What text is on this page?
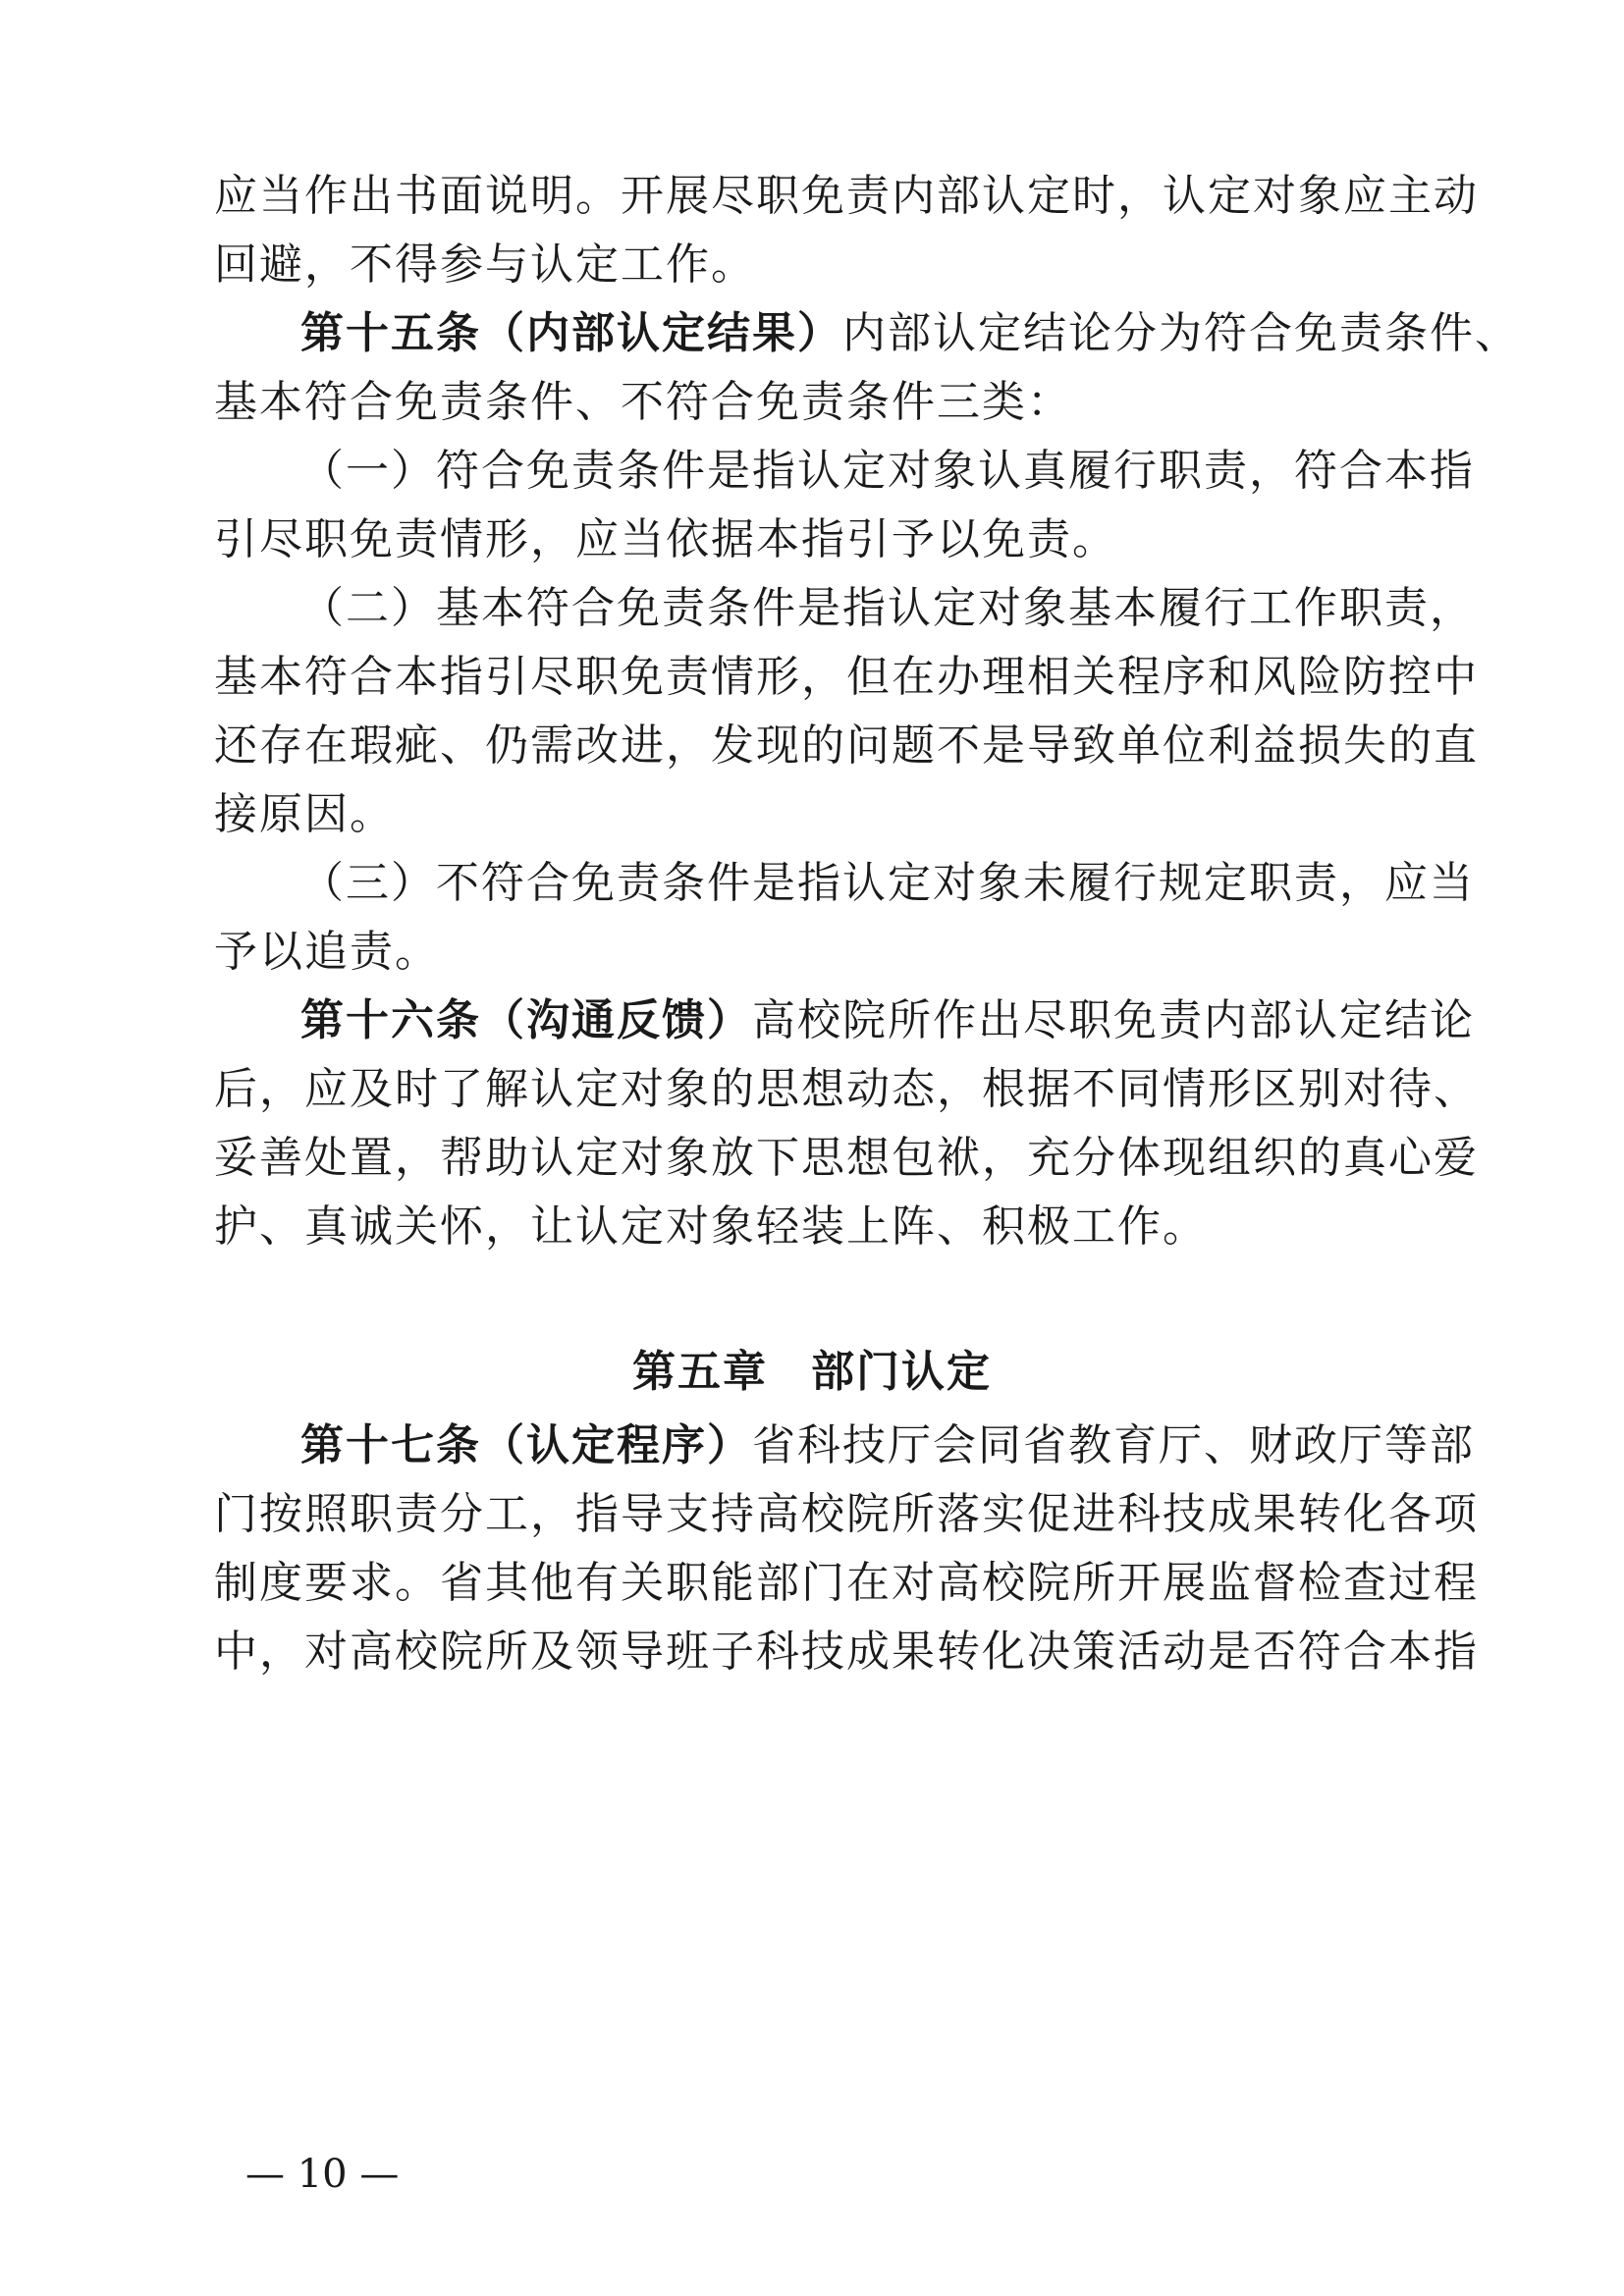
应当作出书面说明。开展尽职免责内部认定时，认定对象应主动
回避，不得参与认定工作。
第十五条（内部认定结果）内部认定结论分为符合免责条件、
基本符合免责条件、不符合免责条件三类：
（一）符合免责条件是指认定对象认真履行职责，符合本指
引尽职免责情形，应当依据本指引予以免责。
（二）基本符合免责条件是指认定对象基本履行工作职责，
基本符合本指引尽职免责情形，但在办理相关程序和风险防控中
还存在瑕疵、仍需改进，发现的问题不是导致单位利益损失的直
接原因。
（三）不符合免责条件是指认定对象未履行规定职责，应当
予以追责。
第十六条（沟通反馈）高校院所作出尽职免责内部认定结论
后，应及时了解认定对象的思想动态，根据不同情形区别对待、
妥善处置，帮助认定对象放下思想包袱，充分体现组织的真心爱
护、真诚关怀，让认定对象轻装上阵、积极工作。
第五章 部门认定
第十七条（认定程序）省科技厅会同省教育厅、财政厅等部
门按照职责分工，指导支持高校院所落实促进科技成果转化各项
制度要求。省其他有关职能部门在对高校院所开展监督检查过程
中，对高校院所及领导班子科技成果转化决策活动是否符合本指
— 10 —
